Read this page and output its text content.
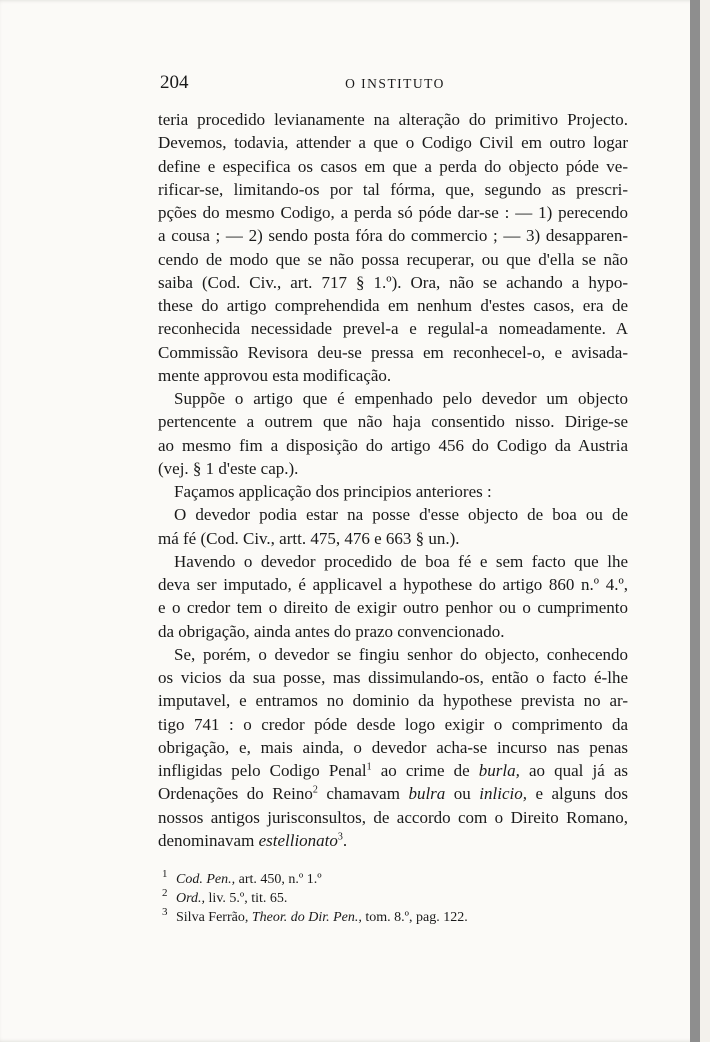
204	O INSTITUTO
teria procedido levianamente na alteração do primitivo Projecto.
Devemos, todavia, attender a que o Codigo Civil em outro logar
define e especifica os casos em que a perda do objecto póde ve-
rificar-se, limitando-os por tal fórma, que, segundo as prescri-
pções do mesmo Codigo, a perda só póde dar-se : — 1) perecendo
a cousa ; — 2) sendo posta fóra do commercio ; — 3) desapparen-
cendo de modo que se não possa recuperar, ou que d'ella se não
saiba (Cod. Civ., art. 717 § 1.º). Ora, não se achando a hypo-
these do artigo comprehendida em nenhum d'estes casos, era de
reconhecida necessidade prevel-a e regulal-a nomeadamente. A
Commissão Revisora deu-se pressa em reconhecel-o, e avisada-
mente approvou esta modificação.
Suppõe o artigo que é empenhado pelo devedor um objecto
pertencente a outrem que não haja consentido nisso. Dirige-se
ao mesmo fim a disposição do artigo 456 do Codigo da Austria
(vej. § 1 d'este cap.).
Façamos applicação dos principios anteriores :
O devedor podia estar na posse d'esse objecto de boa ou de
má fé (Cod. Civ., artt. 475, 476 e 663 § un.).
Havendo o devedor procedido de boa fé e sem facto que lhe
deva ser imputado, é applicavel a hypothese do artigo 860 n.º 4.º,
e o credor tem o direito de exigir outro penhor ou o cumprimento
da obrigação, ainda antes do prazo convencionado.
Se, porém, o devedor se fingiu senhor do objecto, conhecendo
os vicios da sua posse, mas dissimulando-os, então o facto é-lhe
imputavel, e entramos no dominio da hypothese prevista no ar-
tigo 741 : o credor póde desde logo exigir o comprimento da
obrigação, e, mais ainda, o devedor acha-se incurso nas penas
infligidas pelo Codigo Penal$^1$ ao crime de burla, ao qual já as
Ordenações do Reino$^2$ chamavam bulra ou inlicio, e alguns dos
nossos antigos jurisconsultos, de accordo com o Direito Romano,
denominavam estellionato$^3$.
$^1$ Cod. Pen., art. 450, n.º 1.º
$^2$ Ord., liv. 5.º, tit. 65.
$^3$ Silva Ferrão, Theor. do Dir. Pen., tom. 8.º, pag. 122.
